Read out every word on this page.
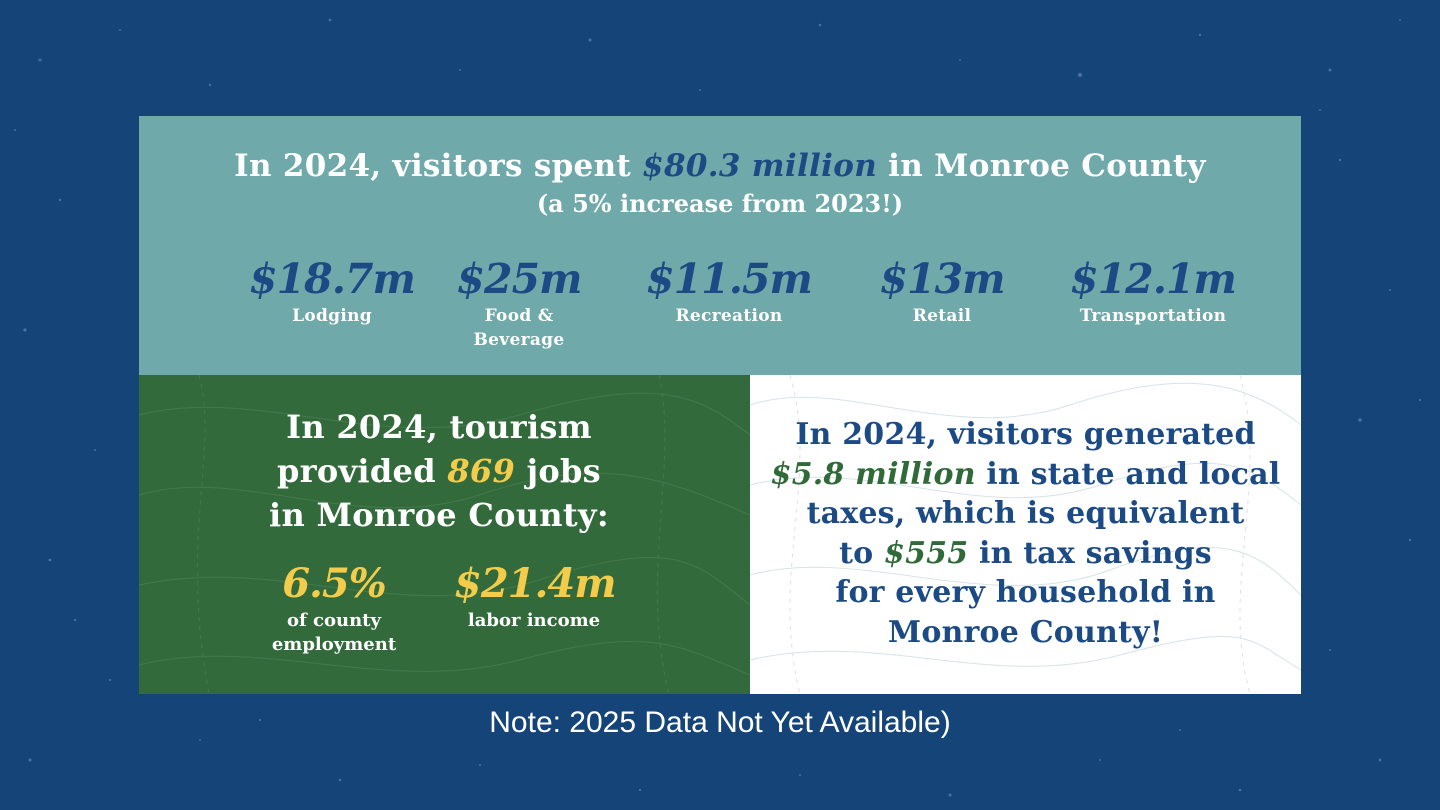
In 2024, visitors spent $80.3 million in Monroe County
(a 5% increase from 2023!)
$18.7m
Lodging
$25m
Food &
Beverage
$11.5m
Recreation
$13m
Retail
$12.1m
Transportation
In 2024, tourism
provided 869 jobs
in Monroe County:
6.5%
of county
employment
$21.4m
labor income
In 2024, visitors generated
$5.8 million in state and local
taxes, which is equivalent
to $555 in tax savings
for every household in
Monroe County!
Note: 2025 Data Not Yet Available)
